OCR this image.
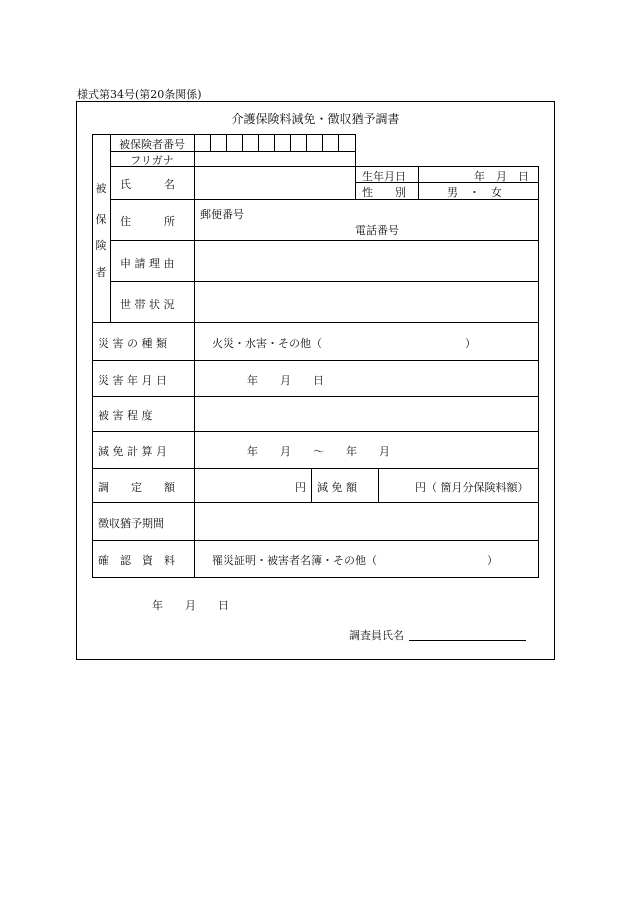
様式第34号(第20条関係)
介護保険料減免・徴収猶予調書
被
保
険
者
被保険者番号
フリガナ
氏　　　名
生年月日	年　月　日
性　　別	男　・　女
住　　　所
郵便番号
電話番号
申 請 理 由
世 帯 状 況
災 害 の 種 類	火災・水害・その他（　　　　　　　　　　　　　）
災 害 年 月 日	年　　月　　日
被 害 程 度
減 免 計 算 月	年　　月　　～　　年　　月
調　　定　　額	円 減 免 額	円（ 箇月分保険料額）
徴収猶予期間
確　認　資　料	罹災証明・被害者名簿・その他（　　　　　　　　　　）
年　　月　　日
調査員氏名
